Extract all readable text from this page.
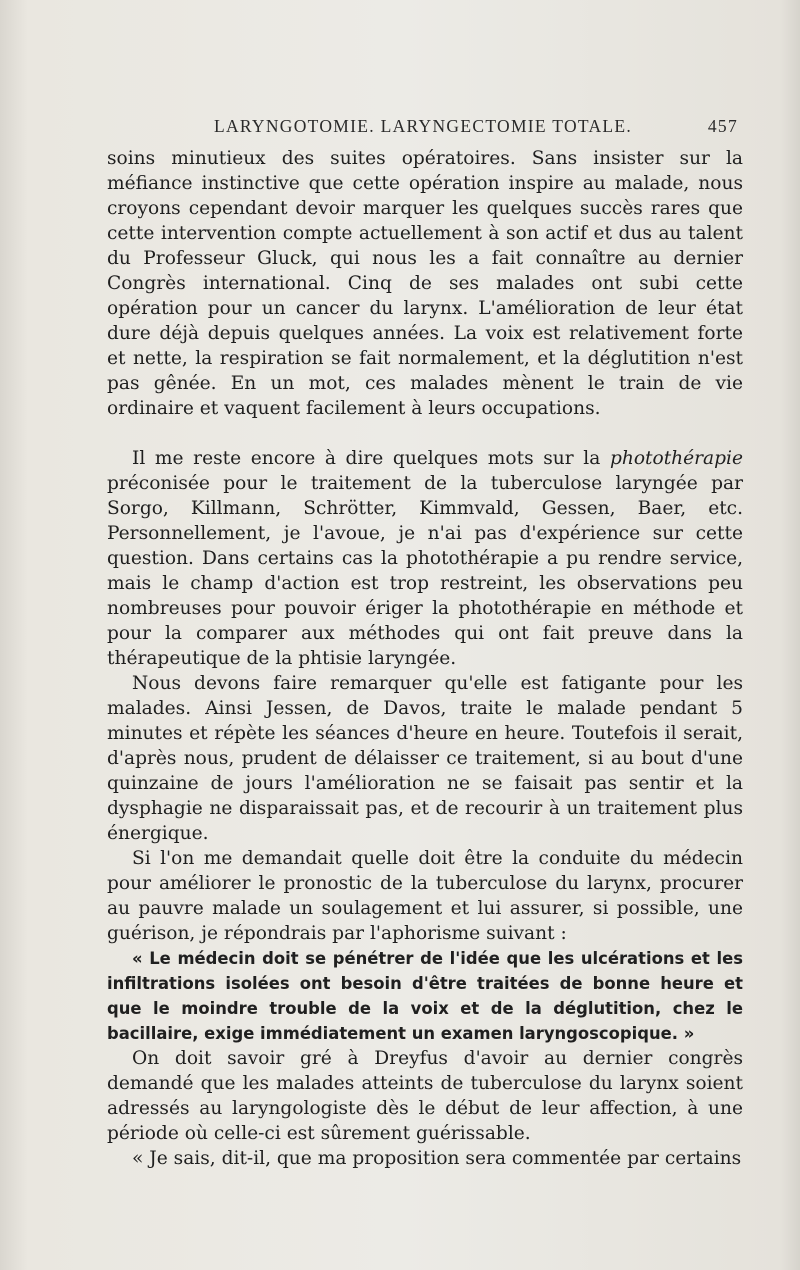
LARYNGOTOMIE. LARYNGECTOMIE TOTALE.	457

soins minutieux des suites opératoires. Sans insister sur la méfiance instinctive que cette opération inspire au malade, nous croyons cependant devoir marquer les quelques succès rares que cette intervention compte actuellement à son actif et dus au talent du Professeur Gluck, qui nous les a fait connaître au dernier Congrès international. Cinq de ses malades ont subi cette opération pour un cancer du larynx. L'amélioration de leur état dure déjà depuis quelques années. La voix est relativement forte et nette, la respiration se fait normalement, et la déglutition n'est pas gênée. En un mot, ces malades mènent le train de vie ordinaire et vaquent facilement à leurs occupations.

Il me reste encore à dire quelques mots sur la photothérapie préconisée pour le traitement de la tuberculose laryngée par Sorgo, Killmann, Schrötter, Kimmvald, Gessen, Baer, etc. Personnellement, je l'avoue, je n'ai pas d'expérience sur cette question. Dans certains cas la photothérapie a pu rendre service, mais le champ d'action est trop restreint, les observations peu nombreuses pour pouvoir ériger la photothérapie en méthode et pour la comparer aux méthodes qui ont fait preuve dans la thérapeutique de la phtisie laryngée.

Nous devons faire remarquer qu'elle est fatigante pour les malades. Ainsi Jessen, de Davos, traite le malade pendant 5 minutes et répète les séances d'heure en heure. Toutefois il serait, d'après nous, prudent de délaisser ce traitement, si au bout d'une quinzaine de jours l'amélioration ne se faisait pas sentir et la dysphagie ne disparaissait pas, et de recourir à un traitement plus énergique.

Si l'on me demandait quelle doit être la conduite du médecin pour améliorer le pronostic de la tuberculose du larynx, procurer au pauvre malade un soulagement et lui assurer, si possible, une guérison, je répondrais par l'aphorisme suivant :

« Le médecin doit se pénétrer de l'idée que les ulcérations et les infiltrations isolées ont besoin d'être traitées de bonne heure et que le moindre trouble de la voix et de la déglutition, chez le bacillaire, exige immédiatement un examen laryngoscopique. »

On doit savoir gré à Dreyfus d'avoir au dernier congrès demandé que les malades atteints de tuberculose du larynx soient adressés au laryngologiste dès le début de leur affection, à une période où celle-ci est sûrement guérissable.

« Je sais, dit-il, que ma proposition sera commentée par certains
